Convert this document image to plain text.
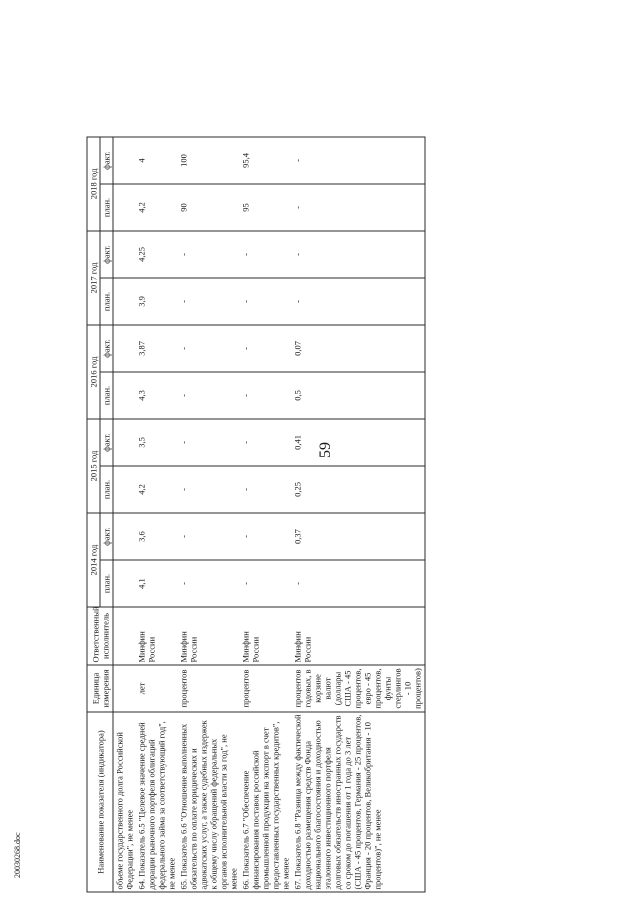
59
20030268.doc	Наименование показателя (индикатора)	Единица измерения	Ответственный исполнитель	2014 год		2015 год		2016 год		2017 год		2018 год	
			план.	факт.	план.	факт.	план.	факт.	план.	факт.	план.	факт.
объеме государственного долга Российской Федерации", не менее												
64. Показатель 6.5 "Целевое значение средней дюрации рыночного портфеля облигаций федерального займа за соответствующий год", не менее	лет	Минфин России	4,1	3,6	4,2	3,5	4,3	3,87	3,9	4,25	4,2	4
65. Показатель 6.6 "Отношение выполненных обязательств по оплате юридических и адвокатских услуг, а также судебных издержек к общему числу обращений федеральных органов исполнительной власти за год", не менее	процентов	Минфин России	-	-	-	-	-	-	-	-	90	100
66. Показатель 6.7 "Обеспечение финансирования поставок российской промышленной продукции на экспорт в счет предоставленных государственных кредитов", не менее	процентов	Минфин России	-	-	-	-	-	-	-	-	95	95,4
67. Показатель 6.8 "Разница между фактической доходностью размещения средств Фонда национального благосостояния и доходностью эталонного инвестиционного портфеля долговых обязательств иностранных государств со сроком до погашения от 1 года до 3 лет (США - 45 процентов, Германия - 25 процентов, Франция - 20 процентов, Великобритания - 10 процентов)", не менее	процентов годовых, в корзине валют (доллары США - 45 процентов, евро - 45 процентов, фунты стерлингов - 10 процентов)	Минфин России	-	0,37	0,25	0,41	0,5	0,07	-	-	-	-
